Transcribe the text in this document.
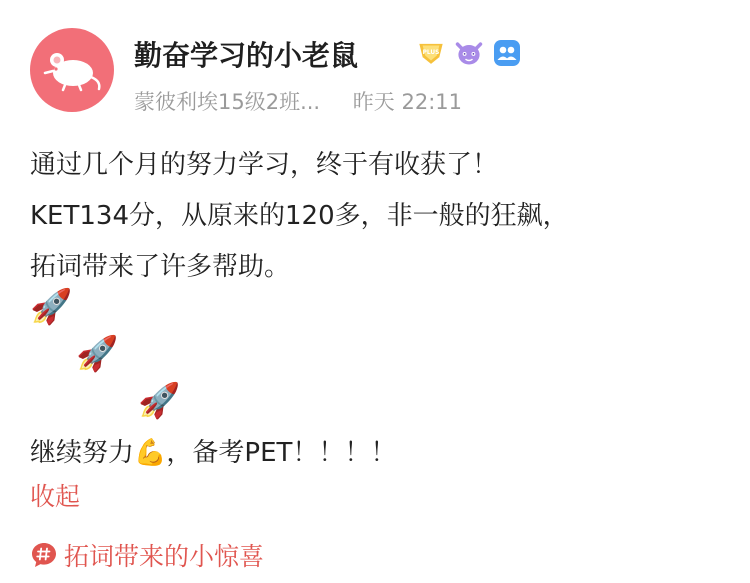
勤奋学习的小老鼠	PLUS
蒙彼利埃15级2班... 昨天 22:11
通过几个月的努力学习，终于有收获了！
KET134分，从原来的120多，非一般的狂飙，
拓词带来了许多帮助。
🚀
🚀
🚀
继续努力💪，备考PET！！！！
收起
拓词带来的小惊喜
